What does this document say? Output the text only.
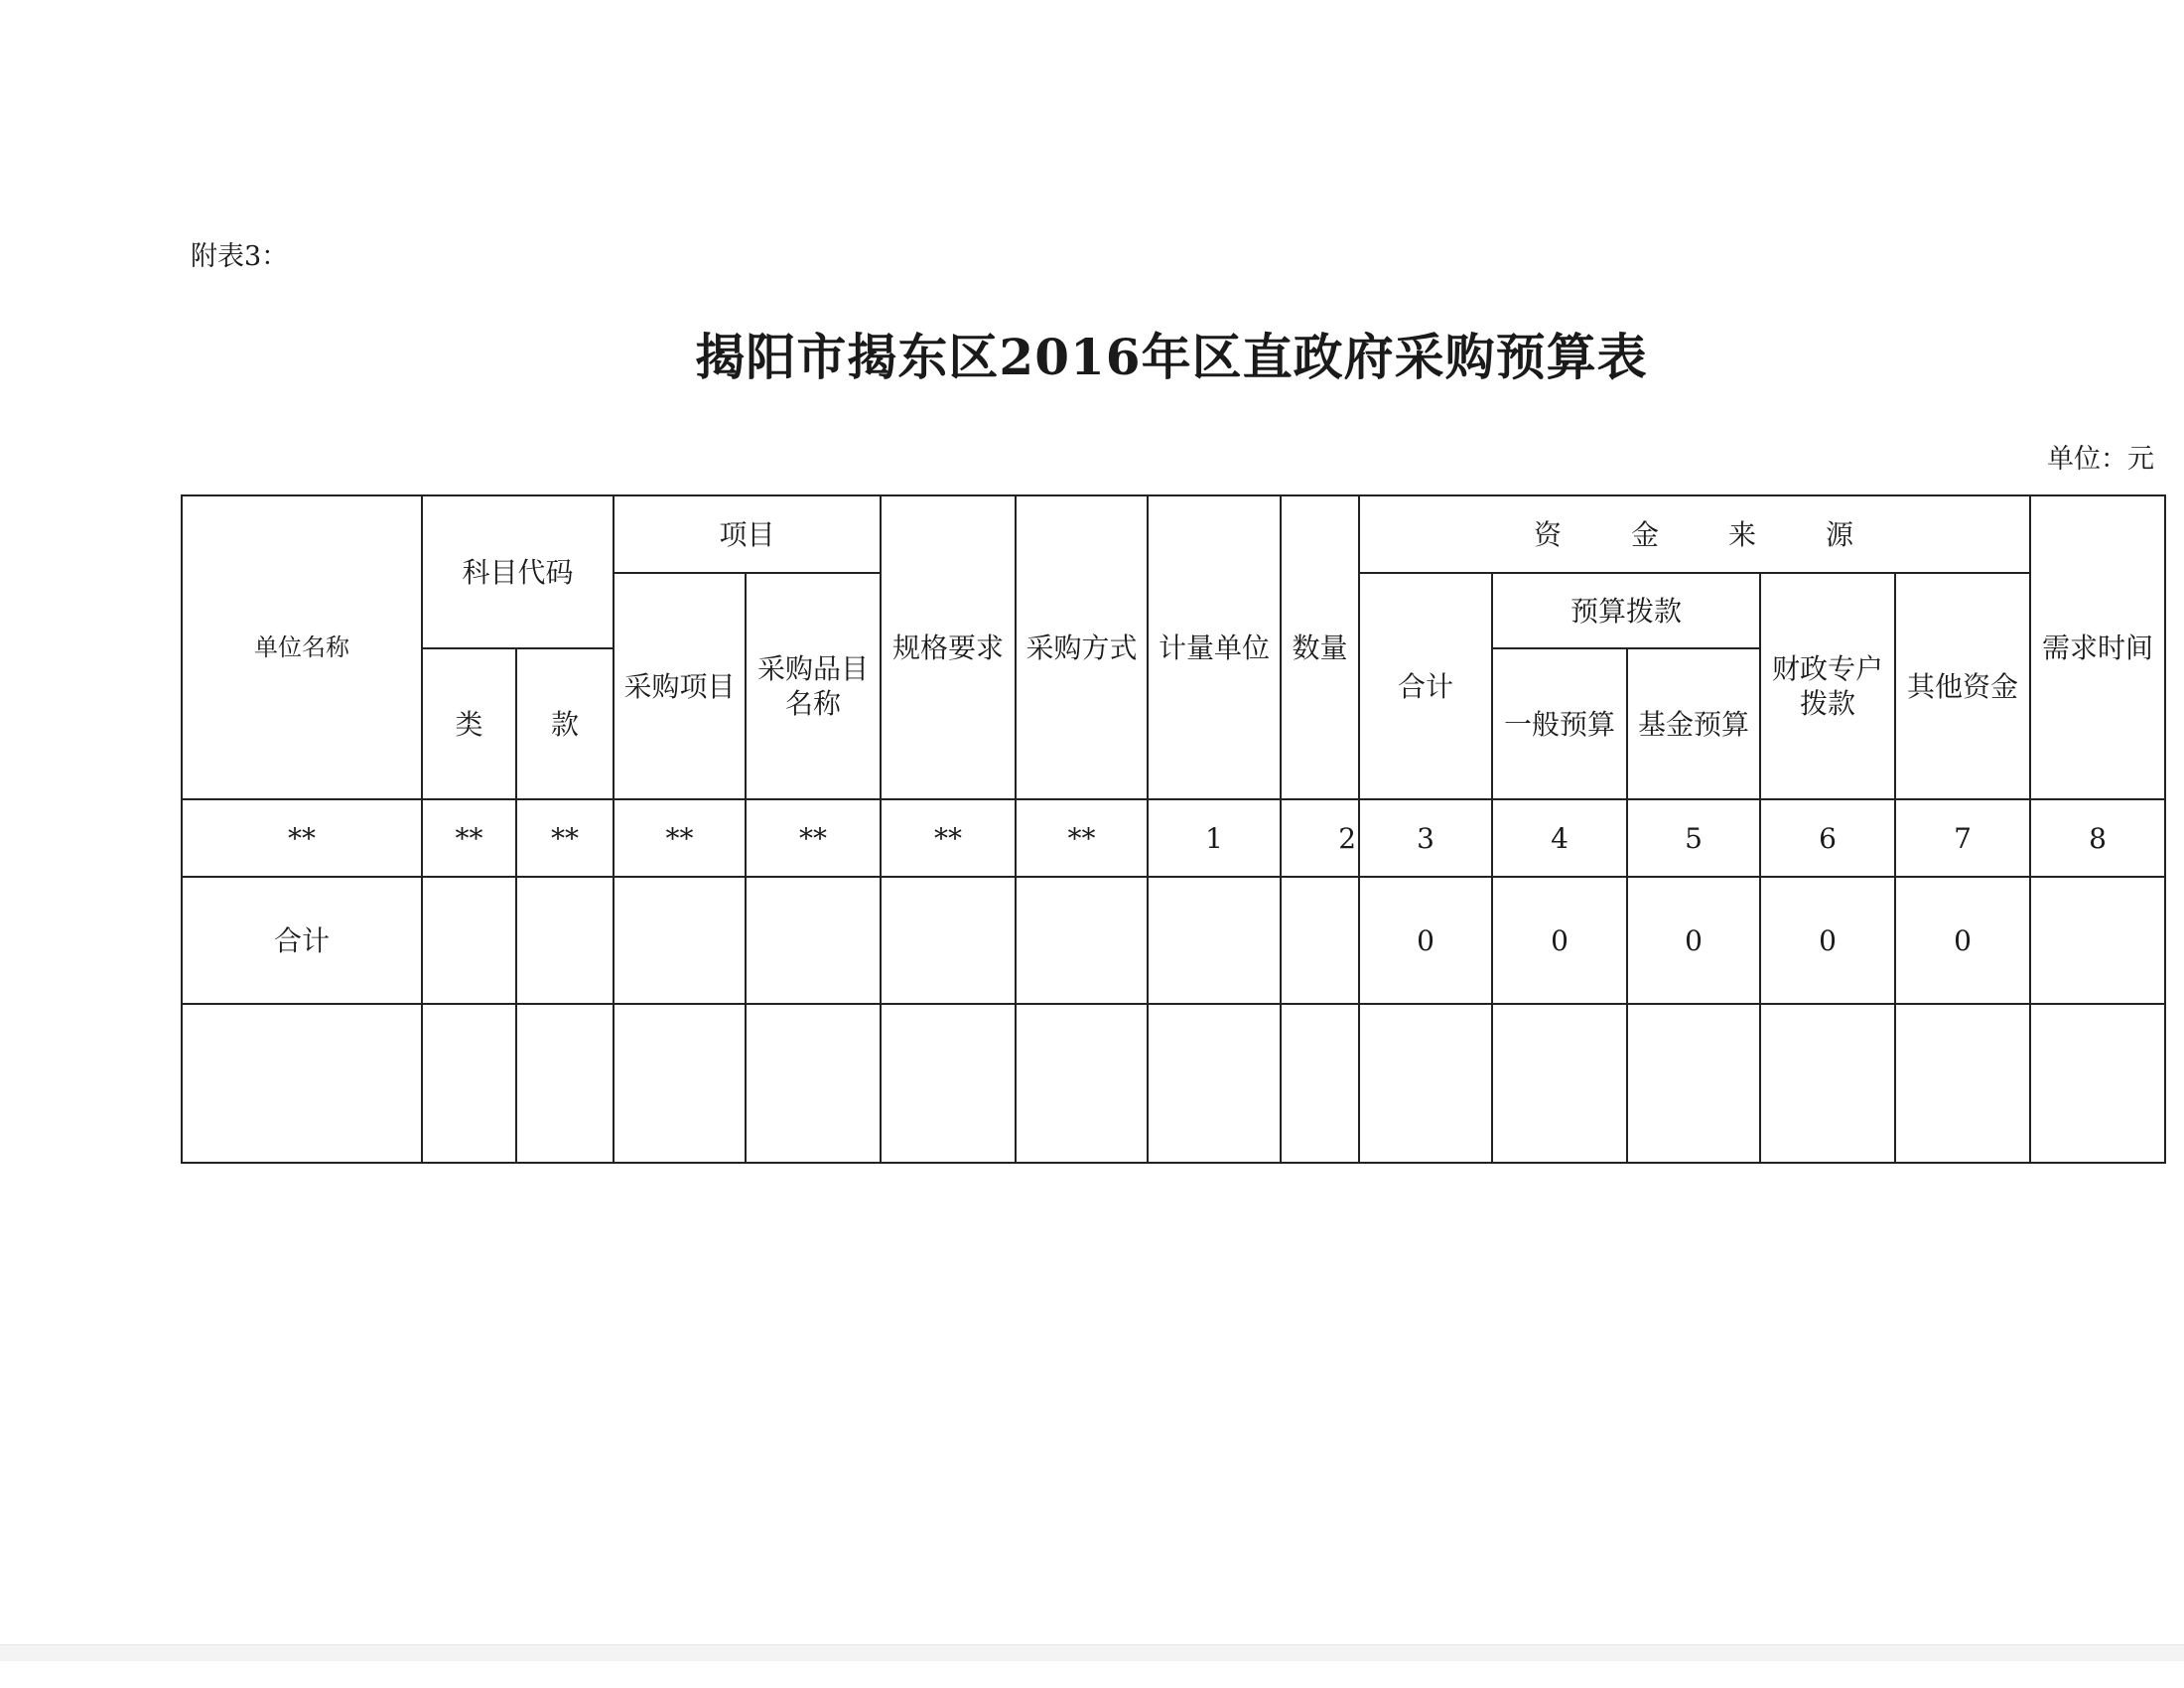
附表3：
揭阳市揭东区2016年区直政府采购预算表
单位：元
单位名称	科目代码		项目		规格要求	采购方式	计量单位	数量	资金来源					需求时间
			采购项目	采购品目名称					合计	预算拨款		财政专户拨款	其他资金	
	类	款								一般预算	基金预算			
**	**	**	**	**	**	**	1	2	3	4	5	6	7	8
合计									0	0	0	0	0	
